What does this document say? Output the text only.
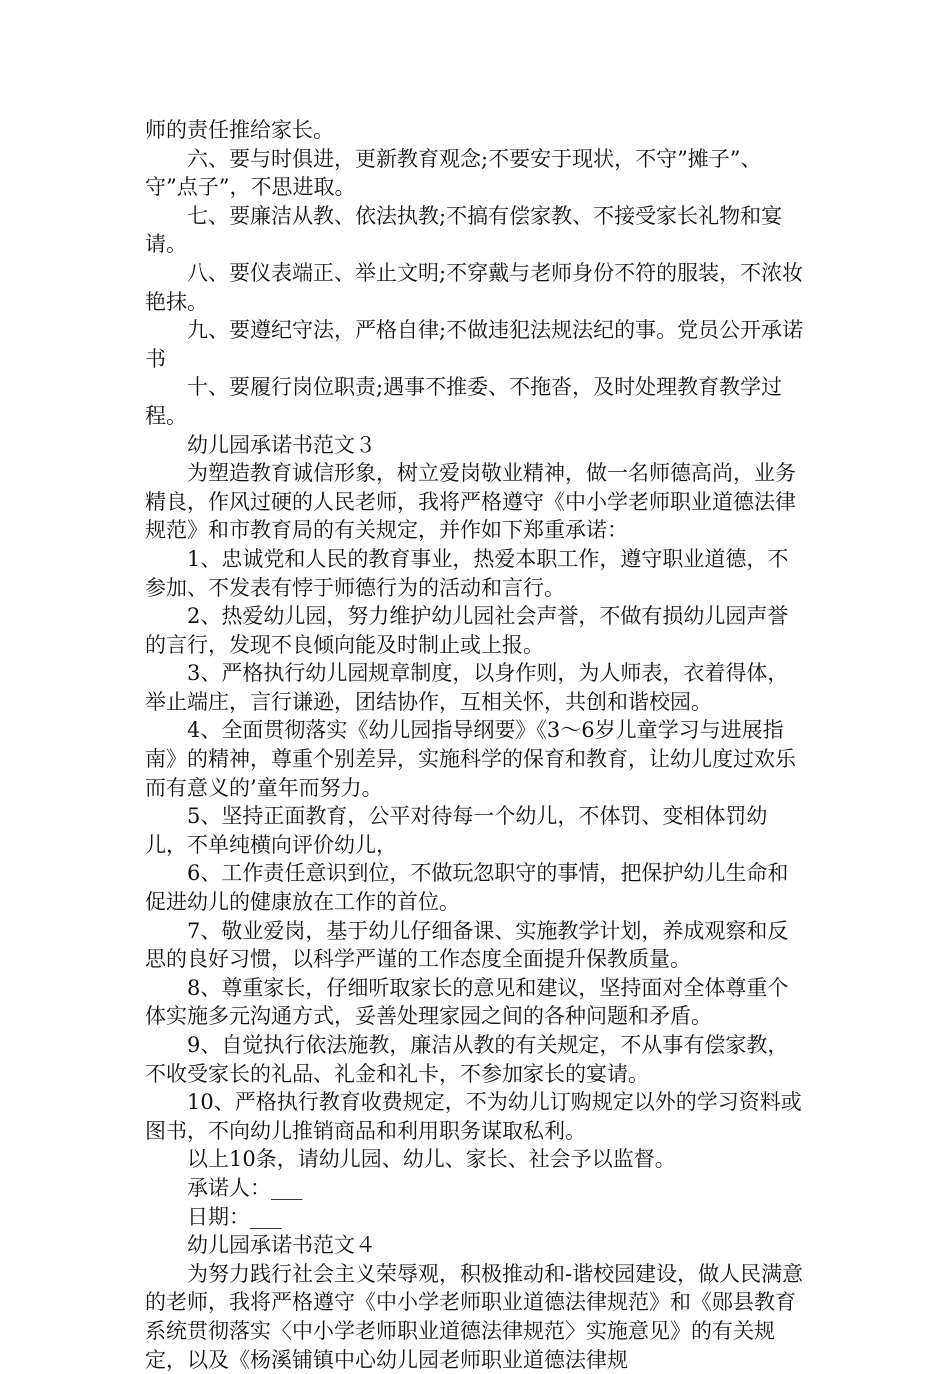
师的责任推给家长。

六、要与时俱进，更新教育观念;不要安于现状，不守”摊子”、守”点子”，不思进取。

七、要廉洁从教、依法执教;不搞有偿家教、不接受家长礼物和宴请。

八、要仪表端正、举止文明;不穿戴与老师身份不符的服装，不浓妆艳抹。

九、要遵纪守法，严格自律;不做违犯法规法纪的事。党员公开承诺书

十、要履行岗位职责;遇事不推委、不拖沓，及时处理教育教学过程。

幼儿园承诺书范文３

为塑造教育诚信形象，树立爱岗敬业精神，做一名师德高尚，业务精良，作风过硬的人民老师，我将严格遵守《中小学老师职业道德法律规范》和市教育局的有关规定，并作如下郑重承诺：

1、忠诚党和人民的教育事业，热爱本职工作，遵守职业道德，不参加、不发表有悖于师德行为的活动和言行。

2、热爱幼儿园，努力维护幼儿园社会声誉，不做有损幼儿园声誉的言行，发现不良倾向能及时制止或上报。

3、严格执行幼儿园规章制度，以身作则，为人师表，衣着得体，举止端庄，言行谦逊，团结协作，互相关怀，共创和谐校园。

4、全面贯彻落实《幼儿园指导纲要》《3～6岁儿童学习与进展指南》的精神，尊重个别差异，实施科学的保育和教育，让幼儿度过欢乐而有意义的’童年而努力。

5、坚持正面教育，公平对待每一个幼儿，不体罚、变相体罚幼儿，不单纯横向评价幼儿，

6、工作责任意识到位，不做玩忽职守的事情，把保护幼儿生命和促进幼儿的健康放在工作的首位。

7、敬业爱岗，基于幼儿仔细备课、实施教学计划，养成观察和反思的良好习惯，以科学严谨的工作态度全面提升保教质量。

8、尊重家长，仔细听取家长的意见和建议，坚持面对全体尊重个体实施多元沟通方式，妥善处理家园之间的各种问题和矛盾。

9、自觉执行依法施教，廉洁从教的有关规定，不从事有偿家教，不收受家长的礼品、礼金和礼卡，不参加家长的宴请。

10、严格执行教育收费规定，不为幼儿订购规定以外的学习资料或图书，不向幼儿推销商品和利用职务谋取私利。

以上10条，请幼儿园、幼儿、家长、社会予以监督。

承诺人：___

日期：___

幼儿园承诺书范文４

为努力践行社会主义荣辱观，积极推动和-谐校园建设，做人民满意的老师，我将严格遵守《中小学老师职业道德法律规范》和《郧县教育系统贯彻落实〈中小学老师职业道德法律规范〉实施意见》的有关规定，以及《杨溪铺镇中心幼儿园老师职业道德法律规
